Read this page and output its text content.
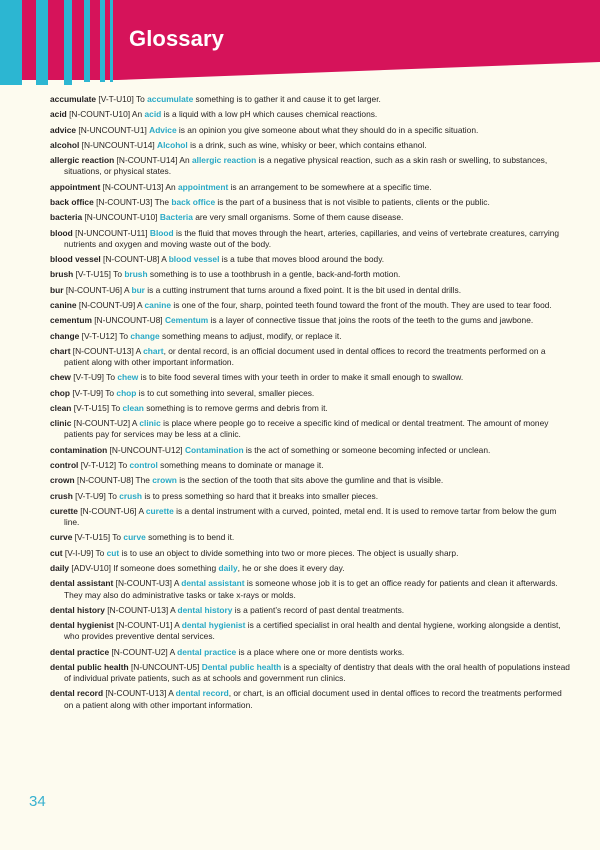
Glossary

accumulate [V-T-U10] To accumulate something is to gather it and cause it to get larger.

acid [N-COUNT-U10] An acid is a liquid with a low pH which causes chemical reactions.

advice [N-UNCOUNT-U1] Advice is an opinion you give someone about what they should do in a specific situation.

alcohol [N-UNCOUNT-U14] Alcohol is a drink, such as wine, whisky or beer, which contains ethanol.

allergic reaction [N-COUNT-U14] An allergic reaction is a negative physical reaction, such as a skin rash or swelling, to substances, situations, or physical states.

appointment [N-COUNT-U13] An appointment is an arrangement to be somewhere at a specific time.

back office [N-COUNT-U3] The back office is the part of a business that is not visible to patients, clients or the public.

bacteria [N-UNCOUNT-U10] Bacteria are very small organisms. Some of them cause disease.

blood [N-UNCOUNT-U11] Blood is the fluid that moves through the heart, arteries, capillaries, and veins of vertebrate creatures, carrying nutrients and oxygen and moving waste out of the body.

blood vessel [N-COUNT-U8] A blood vessel is a tube that moves blood around the body.

brush [V-T-U15] To brush something is to use a toothbrush in a gentle, back-and-forth motion.

bur [N-COUNT-U6] A bur is a cutting instrument that turns around a fixed point. It is the bit used in dental drills.

canine [N-COUNT-U9] A canine is one of the four, sharp, pointed teeth found toward the front of the mouth. They are used to tear food.

cementum [N-UNCOUNT-U8] Cementum is a layer of connective tissue that joins the roots of the teeth to the gums and jawbone.

change [V-T-U12] To change something means to adjust, modify, or replace it.

chart [N-COUNT-U13] A chart, or dental record, is an official document used in dental offices to record the treatments performed on a patient along with other important information.

chew [V-T-U9] To chew is to bite food several times with your teeth in order to make it small enough to swallow.

chop [V-T-U9] To chop is to cut something into several, smaller pieces.

clean [V-T-U15] To clean something is to remove germs and debris from it.

clinic [N-COUNT-U2] A clinic is place where people go to receive a specific kind of medical or dental treatment. The amount of money patients pay for services may be less at a clinic.

contamination [N-UNCOUNT-U12] Contamination is the act of something or someone becoming infected or unclean.

control [V-T-U12] To control something means to dominate or manage it.

crown [N-COUNT-U8] The crown is the section of the tooth that sits above the gumline and that is visible.

crush [V-T-U9] To crush is to press something so hard that it breaks into smaller pieces.

curette [N-COUNT-U6] A curette is a dental instrument with a curved, pointed, metal end. It is used to remove tartar from below the gum line.

curve [V-T-U15] To curve something is to bend it.

cut [V-I-U9] To cut is to use an object to divide something into two or more pieces. The object is usually sharp.

daily [ADV-U10] If someone does something daily, he or she does it every day.

dental assistant [N-COUNT-U3] A dental assistant is someone whose job it is to get an office ready for patients and clean it afterwards. They may also do administrative tasks or take x-rays or molds.

dental history [N-COUNT-U13] A dental history is a patient’s record of past dental treatments.

dental hygienist [N-COUNT-U1] A dental hygienist is a certified specialist in oral health and dental hygiene, working alongside a dentist, who provides preventive dental services.

dental practice [N-COUNT-U2] A dental practice is a place where one or more dentists works.

dental public health [N-UNCOUNT-U5] Dental public health is a specialty of dentistry that deals with the oral health of populations instead of individual private patients, such as at schools and government run clinics.

dental record [N-COUNT-U13] A dental record, or chart, is an official document used in dental offices to record the treatments performed on a patient along with other important information.

34
